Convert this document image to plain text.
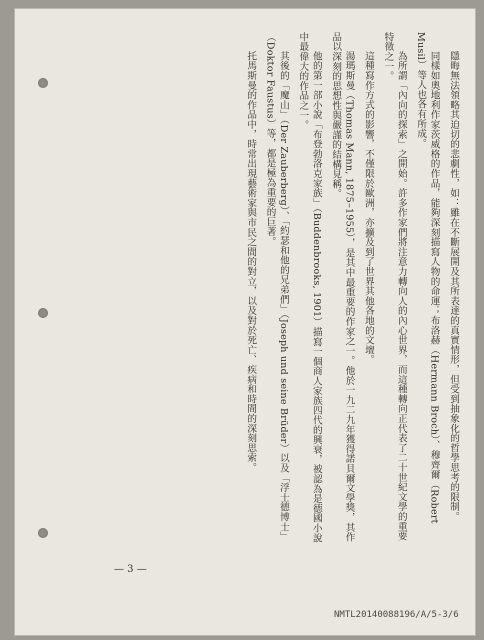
隱晦無法領略其迫切的悲劇性，如：雖在不斷展開及其所表達的真實情形，但受到抽象化的哲學思考的限制。

同樣如奧地利作家茨威格的作品，能夠深刻描寫人物的命運；布洛赫（Hermann Broch）、穆齊爾（Robert Musil）等人也各有所成。

為所謂「內向的探索」之開始。許多作家們將注意力轉向人的內心世界，而這種轉向正代表了二十世紀文學的重要特徵之一。

這種寫作方式的影響，不僅限於歐洲，亦擴及到了世界其他各地的文壇。

湯瑪斯曼（Thomas Mann, 1875–1955），是其中最重要的作家之一。他於一九二九年獲得諾貝爾文學獎，其作品以深刻的思想性與嚴謹的結構見稱。

他的第一部小說「布登勃洛克家族」（Buddenbrooks, 1901）描寫一個商人家族四代的興衰，被認為是德國小說中最偉大的作品之一。

其後的「魔山」（Der Zauberberg）、「約瑟和他的兄弟們」（Joseph und seine Brüder）以及「浮士德博士」（Doktor Faustus）等，都是極為重要的巨著。

托馬斯曼的作品中，時常出現藝術家與市民之間的對立，以及對於死亡、疾病和時間的深刻思索。

— 3 —
NMTL20140088196/A/5-3/6
